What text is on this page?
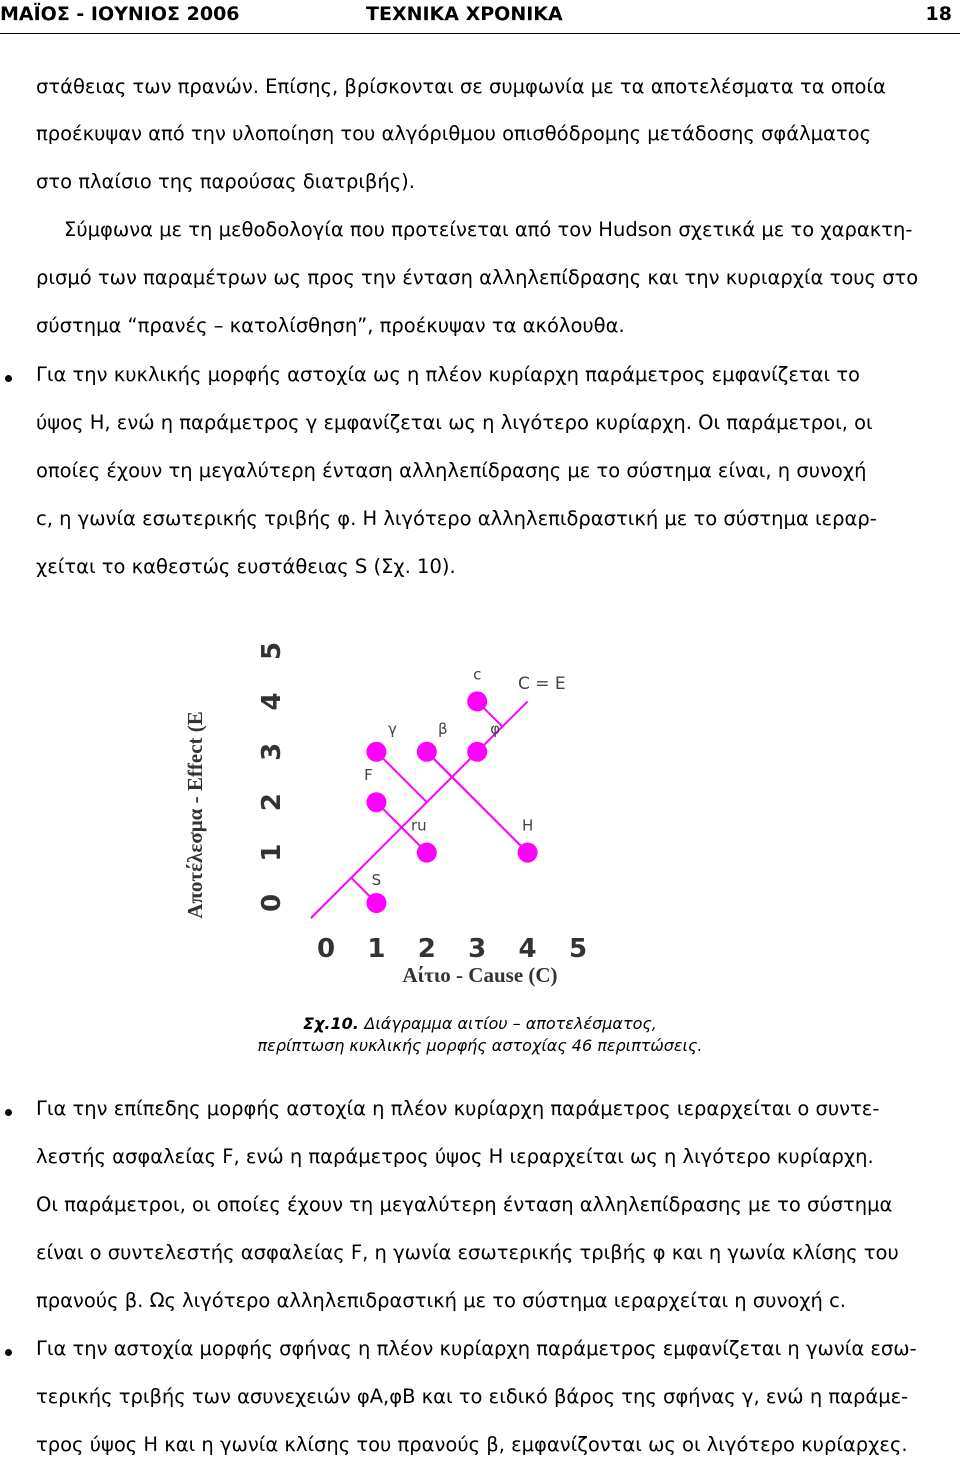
ΜΑΪΟΣ - ΙΟΥΝΙΟΣ 2006	ΤΕΧΝΙΚΑ ΧΡΟΝΙΚΑ	18
στάθειας των πρανών. Επίσης, βρίσκονται σε συμφωνία με τα αποτελέσματα τα οποία
προέκυψαν από την υλοποίηση του αλγόριθμου οπισθόδρομης μετάδοσης σφάλματος
στο πλαίσιο της παρούσας διατριβής).
Σύμφωνα με τη μεθοδολογία που προτείνεται από τον Hudson σχετικά με το χαρακτη-
ρισμό των παραμέτρων ως προς την ένταση αλληλεπίδρασης και την κυριαρχία τους στο
σύστημα “πρανές – κατολίσθηση”, προέκυψαν τα ακόλουθα.
Για την κυκλικής μορφής αστοχία ως η πλέον κυρίαρχη παράμετρος εμφανίζεται το
ύψος Η, ενώ η παράμετρος γ εμφανίζεται ως η λιγότερο κυρίαρχη. Οι παράμετροι, οι
οποίες έχουν τη μεγαλύτερη ένταση αλληλεπίδρασης με το σύστημα είναι, η συνοχή
c, η γωνία εσωτερικής τριβής φ. Η λιγότερο αλληλεπιδραστική με το σύστημα ιεραρ-
χείται το καθεστώς ευστάθειας S (Σχ. 10).
S
F
γ	β	φ
c
ru	H
0 1 2 3 4 5
0
1
2
3
4
5
C = E
Αίτιο - Cause (C)
Αποτέλεσμα - Effect (E
Σχ.10. Διάγραμμα αιτίου – αποτελέσματος,
περίπτωση κυκλικής μορφής αστοχίας 46 περιπτώσεις.
Για την επίπεδης μορφής αστοχία η πλέον κυρίαρχη παράμετρος ιεραρχείται ο συντε-
λεστής ασφαλείας F, ενώ η παράμετρος ύψος Η ιεραρχείται ως η λιγότερο κυρίαρχη.
Οι παράμετροι, οι οποίες έχουν τη μεγαλύτερη ένταση αλληλεπίδρασης με το σύστημα
είναι ο συντελεστής ασφαλείας F, η γωνία εσωτερικής τριβής φ και η γωνία κλίσης του
πρανούς β. Ως λιγότερο αλληλεπιδραστική με το σύστημα ιεραρχείται η συνοχή c.
Για την αστοχία μορφής σφήνας η πλέον κυρίαρχη παράμετρος εμφανίζεται η γωνία εσω-
τερικής τριβής των ασυνεχειών φΑ,φΒ και το ειδικό βάρος της σφήνας γ, ενώ η παράμε-
τρος ύψος Η και η γωνία κλίσης του πρανούς β, εμφανίζονται ως οι λιγότερο κυρίαρχες.
